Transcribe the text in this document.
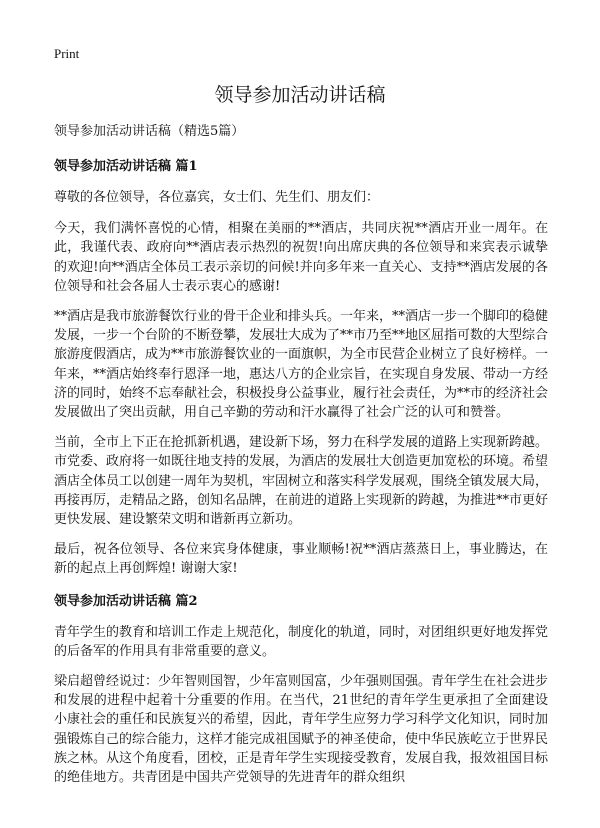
Print
领导参加活动讲话稿

领导参加活动讲话稿（精选5篇）

领导参加活动讲话稿 篇1

尊敬的各位领导，各位嘉宾，女士们、先生们、朋友们：

今天，我们满怀喜悦的心情，相聚在美丽的**酒店，共同庆祝**酒店开业一周年。在此，我谨代表、政府向**酒店表示热烈的祝贺!向出席庆典的各位领导和来宾表示诚挚的欢迎!向**酒店全体员工表示亲切的问候!并向多年来一直关心、支持**酒店发展的各位领导和社会各届人士表示衷心的感谢!

**酒店是我市旅游餐饮行业的骨干企业和排头兵。一年来，**酒店一步一个脚印的稳健发展，一步一个台阶的不断登攀，发展壮大成为了**市乃至**地区屈指可数的大型综合旅游度假酒店，成为**市旅游餐饮业的一面旗帜，为全市民营企业树立了良好榜样。一年来，**酒店始终奉行恩泽一地，惠达八方的企业宗旨，在实现自身发展、带动一方经济的同时，始终不忘奉献社会，积极投身公益事业，履行社会责任，为**市的经济社会发展做出了突出贡献，用自己辛勤的劳动和汗水赢得了社会广泛的认可和赞誉。

当前，全市上下正在抢抓新机遇，建设新下场，努力在科学发展的道路上实现新跨越。市党委、政府将一如既往地支持的发展，为酒店的发展壮大创造更加宽松的环境。希望酒店全体员工以创建一周年为契机，牢固树立和落实科学发展观，围绕全镇发展大局，再接再厉，走精品之路，创知名品牌，在前进的道路上实现新的跨越，为推进**市更好更快发展、建设繁荣文明和谐新再立新功。

最后，祝各位领导、各位来宾身体健康，事业顺畅!祝**酒店蒸蒸日上，事业腾达，在新的起点上再创辉煌! 谢谢大家!

领导参加活动讲话稿 篇2

青年学生的教育和培训工作走上规范化，制度化的轨道，同时，对团组织更好地发挥党的后备军的作用具有非常重要的意义。

梁启超曾经说过：少年智则国智，少年富则国富，少年强则国强。青年学生在社会进步和发展的进程中起着十分重要的作用。在当代，21世纪的青年学生更承担了全面建设小康社会的重任和民族复兴的希望，因此，青年学生应努力学习科学文化知识，同时加强锻炼自己的综合能力，这样才能完成祖国赋予的神圣使命，使中华民族屹立于世界民族之林。从这个角度看，团校，正是青年学生实现接受教育，发展自我，报效祖国目标的绝佳地方。共青团是中国共产党领导的先进青年的群众组织
